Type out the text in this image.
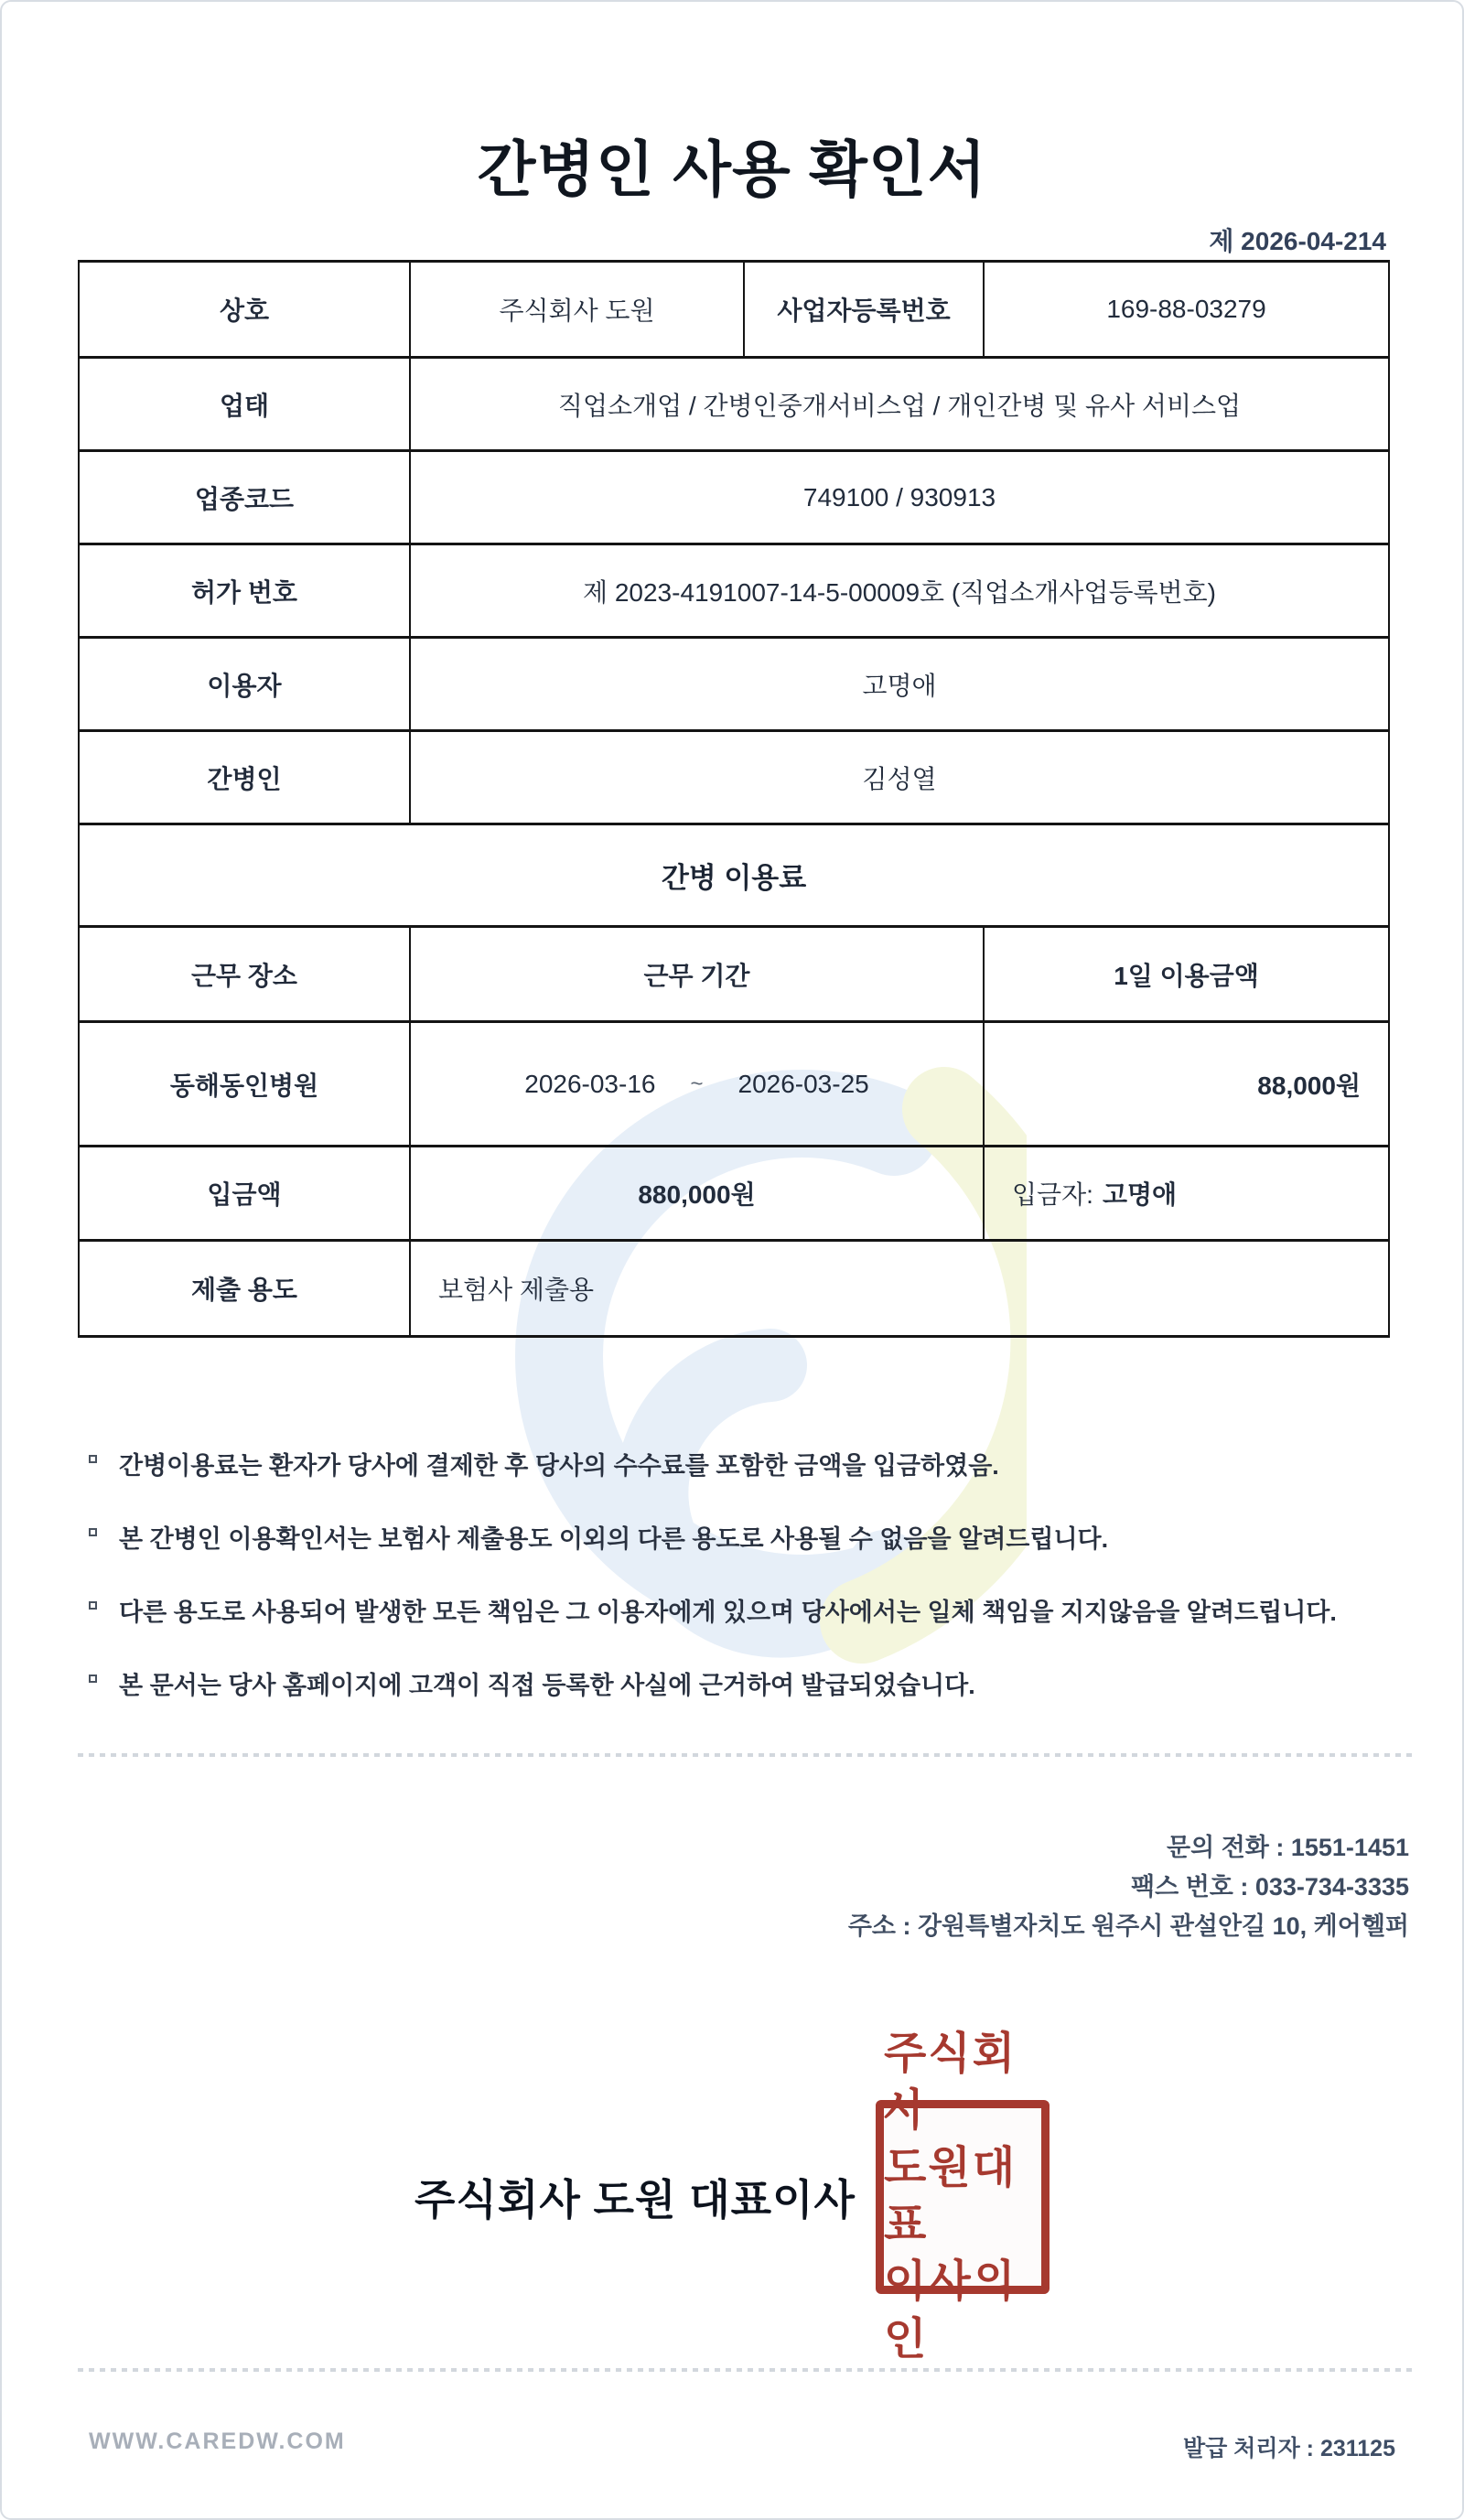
간병인 사용 확인서
제 2026-04-214
상호	주식회사 도원	사업자등록번호	169-88-03279
업태	직업소개업 / 간병인중개서비스업 / 개인간병 및 유사 서비스업
업종코드	749100 / 930913
허가 번호	제 2023-4191007-14-5-00009호 (직업소개사업등록번호)
이용자	고명애
간병인	김성열
간병 이용료
근무 장소	근무 기간	1일 이용금액
동해동인병원	2026-03-16 ~ 2026-03-25	88,000원
입금액	880,000원	입금자: 고명애
제출 용도	보험사 제출용
간병이용료는 환자가 당사에 결제한 후 당사의 수수료를 포함한 금액을 입금하였음.
본 간병인 이용확인서는 보험사 제출용도 이외의 다른 용도로 사용될 수 없음을 알려드립니다.
다른 용도로 사용되어 발생한 모든 책임은 그 이용자에게 있으며 당사에서는 일체 책임을 지지않음을 알려드립니다.
본 문서는 당사 홈페이지에 고객이 직접 등록한 사실에 근거하여 발급되었습니다.
문의 전화 : 1551-1451
팩스 번호 : 033-734-3335
주소 : 강원특별자치도 원주시 관설안길 10, 케어헬퍼
주식회사 도원 대표이사
주식회사
도원대표
이사의인
WWW.CAREDW.COM	발급 처리자 : 231125
